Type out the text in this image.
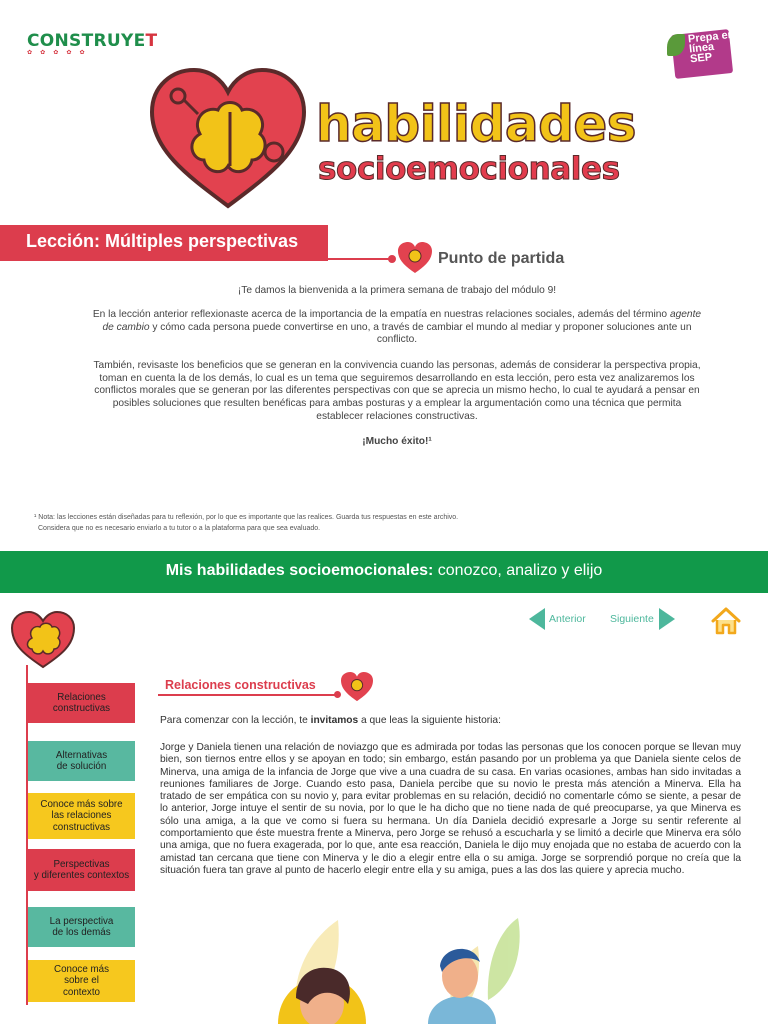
CONSTRUYET
✿ ✿ ✿ ✿ ✿
Prepa en línea SEP
habilidades
socioemocionales
Lección: Múltiples perspectivas
Punto de partida
¡Te damos la bienvenida a la primera semana de trabajo del módulo 9!
En la lección anterior reflexionaste acerca de la importancia de la empatía en nuestras relaciones sociales, además del término agente de cambio y cómo cada persona puede convertirse en uno, a través de cambiar el mundo al mediar y proponer soluciones ante un conflicto.
También, revisaste los beneficios que se generan en la convivencia cuando las personas, además de considerar la perspectiva propia, toman en cuenta la de los demás, lo cual es un tema que seguiremos desarrollando en esta lección, pero esta vez analizaremos los conflictos morales que se generan por las diferentes perspectivas con que se aprecia un mismo hecho, lo cual te ayudará a pensar en posibles soluciones que resulten benéficas para ambas posturas y a emplear la argumentación como una técnica que permita establecer relaciones constructivas.
¡Mucho éxito!¹
¹ Nota: las lecciones están diseñadas para tu reflexión, por lo que es importante que las realices. Guarda tus respuestas en este archivo.
Considera que no es necesario enviarlo a tu tutor o a la plataforma para que sea evaluado.
Mis habilidades socioemocionales: conozco, analizo y elijo
Relaciones
constructivas
Alternativas
de solución
Conoce más sobre
las relaciones
constructivas
Perspectivas
y diferentes contextos
La perspectiva
de los demás
Conoce más
sobre el
contexto
Anterior Siguiente
Relaciones constructivas
Para comenzar con la lección, te invitamos a que leas la siguiente historia:
Jorge y Daniela tienen una relación de noviazgo que es admirada por todas las personas que los conocen porque se llevan muy bien, son tiernos entre ellos y se apoyan en todo; sin embargo, están pasando por un problema ya que Daniela siente celos de Minerva, una amiga de la infancia de Jorge que vive a una cuadra de su casa. En varias ocasiones, ambas han sido invitadas a reuniones familiares de Jorge. Cuando esto pasa, Daniela percibe que su novio le presta más atención a Minerva. Ella ha tratado de ser empática con su novio y, para evitar problemas en su relación, decidió no comentarle cómo se siente, a pesar de lo anterior, Jorge intuye el sentir de su novia, por lo que le ha dicho que no tiene nada de qué preocuparse, ya que Minerva es sólo una amiga, a la que ve como si fuera su hermana. Un día Daniela decidió expresarle a Jorge su sentir referente al comportamiento que éste muestra frente a Minerva, pero Jorge se rehusó a escucharla y se limitó a decirle que Minerva era sólo una amiga, que no fuera exagerada, por lo que, ante esa reacción, Daniela le dijo muy enojada que no estaba de acuerdo con la amistad tan cercana que tiene con Minerva y le dio a elegir entre ella o su amiga. Jorge se sorprendió porque no creía que la situación fuera tan grave al punto de hacerlo elegir entre ella y su amiga, pues a las dos las quiere y aprecia mucho.
